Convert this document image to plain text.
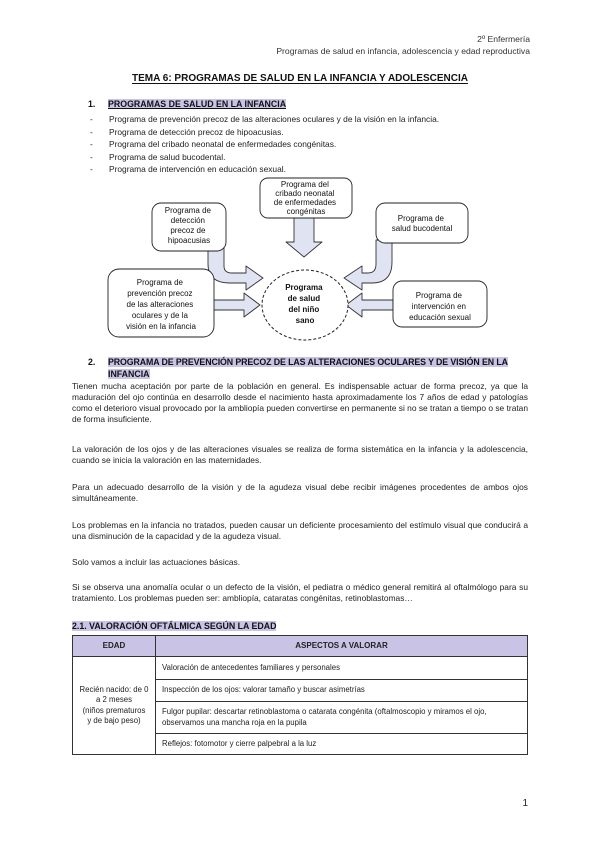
2º Enfermería
Programas de salud en infancia, adolescencia y edad reproductiva
TEMA 6: PROGRAMAS DE SALUD EN LA INFANCIA Y ADOLESCENCIA
1. PROGRAMAS DE SALUD EN LA INFANCIA
- Programa de prevención precoz de las alteraciones oculares y de la visión en la infancia.
- Programa de detección precoz de hipoacusias.
- Programa del cribado neonatal de enfermedades congénitas.
- Programa de salud bucodental.
- Programa de intervención en educación sexual.
Programa de salud del niño sano
Programa del cribado neonatal de enfermedades congénitas
Programa de detección precoz de hipoacusias
Programa de salud bucodental
Programa de prevención precoz de las alteraciones oculares y de la visión en la infancia
Programa de intervención en educación sexual
2. PROGRAMA DE PREVENCIÓN PRECOZ DE LAS ALTERACIONES OCULARES Y DE VISIÓN EN LA
INFANCIA
Tienen mucha aceptación por parte de la población en general. Es indispensable actuar de forma precoz, ya que la maduración del ojo continúa en desarrollo desde el nacimiento hasta aproximadamente los 7 años de edad y patologías como el deterioro visual provocado por la ambliopía pueden convertirse en permanente si no se tratan a tiempo o se tratan de forma insuficiente.
La valoración de los ojos y de las alteraciones visuales se realiza de forma sistemática en la infancia y la adolescencia, cuando se inicia la valoración en las maternidades.
Para un adecuado desarrollo de la visión y de la agudeza visual debe recibir imágenes procedentes de ambos ojos simultáneamente.
Los problemas en la infancia no tratados, pueden causar un deficiente procesamiento del estímulo visual que conducirá a una disminución de la capacidad y de la agudeza visual.
Solo vamos a incluir las actuaciones básicas.
Si se observa una anomalía ocular o un defecto de la visión, el pediatra o médico general remitirá al oftalmólogo para su tratamiento. Los problemas pueden ser: ambliopía, cataratas congénitas, retinoblastomas…
2.1. VALORACIÓN OFTÁLMICA SEGÚN LA EDAD
EDAD	ASPECTOS A VALORAR

Recién nacido: de 0
a 2 meses
(niños prematuros
y de bajo peso)	Valoración de antecedentes familiares y personales
	Inspección de los ojos: valorar tamaño y buscar asimetrías
	Fulgor pupilar: descartar retinoblastoma o catarata congénita (oftalmoscopio y miramos el ojo, observamos una mancha roja en la pupila
	Reflejos: fotomotor y cierre palpebral a la luz
1
